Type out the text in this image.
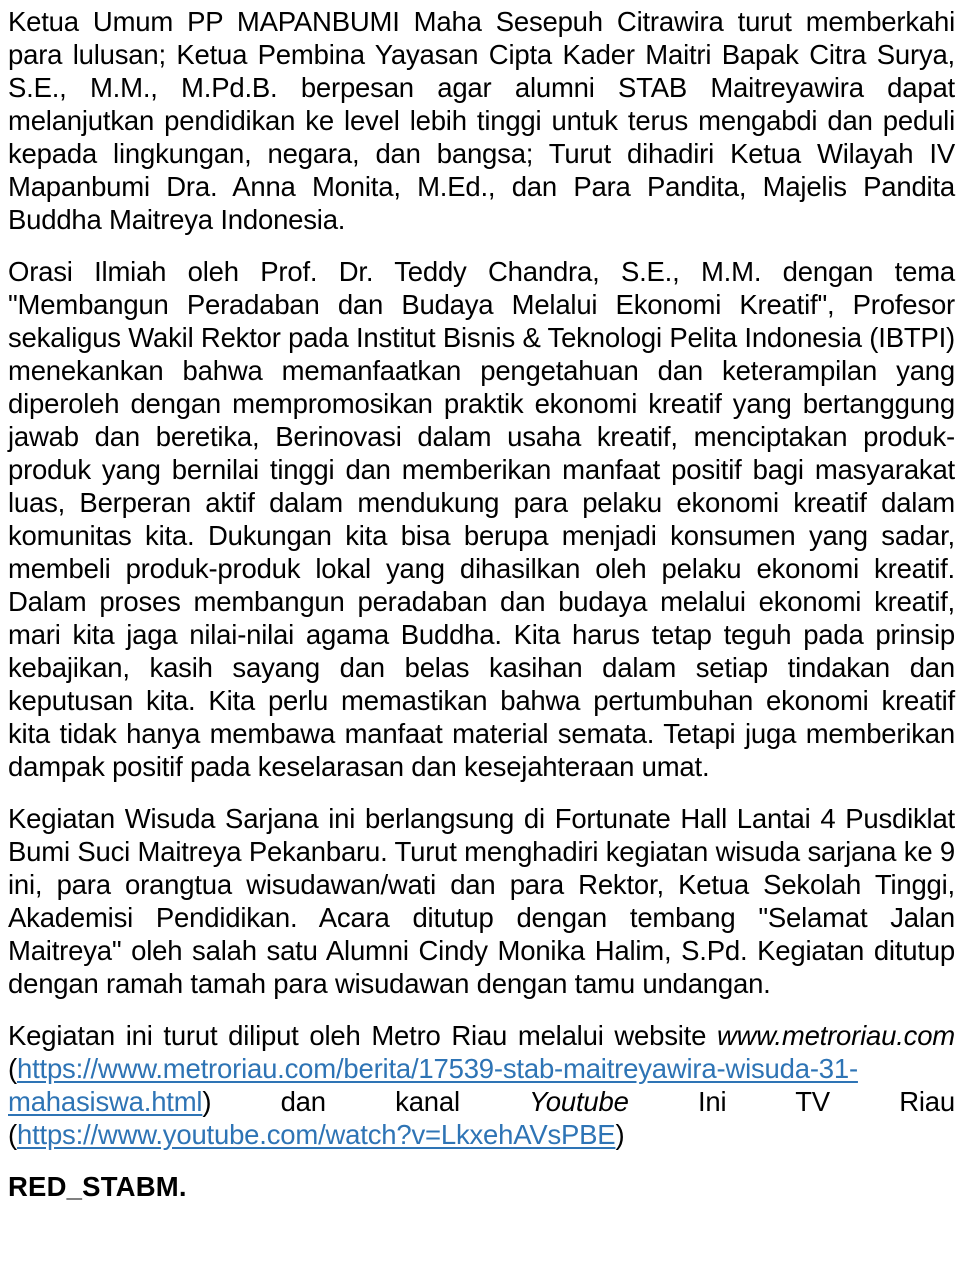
Ketua Umum PP MAPANBUMI Maha Sesepuh Citrawira turut memberkahi para lulusan; Ketua Pembina Yayasan Cipta Kader Maitri Bapak Citra Surya, S.E., M.M., M.Pd.B. berpesan agar alumni STAB Maitreyawira dapat melanjutkan pendidikan ke level lebih tinggi untuk terus mengabdi dan peduli kepada lingkungan, negara, dan bangsa; Turut dihadiri Ketua Wilayah IV Mapanbumi Dra. Anna Monita, M.Ed., dan Para Pandita, Majelis Pandita Buddha Maitreya Indonesia.

Orasi Ilmiah oleh Prof. Dr. Teddy Chandra, S.E., M.M. dengan tema "Membangun Peradaban dan Budaya Melalui Ekonomi Kreatif", Profesor sekaligus Wakil Rektor pada Institut Bisnis & Teknologi Pelita Indonesia (IBTPI) menekankan bahwa memanfaatkan pengetahuan dan keterampilan yang diperoleh dengan mempromosikan praktik ekonomi kreatif yang bertanggung jawab dan beretika, Berinovasi dalam usaha kreatif, menciptakan produk-produk yang bernilai tinggi dan memberikan manfaat positif bagi masyarakat luas, Berperan aktif dalam mendukung para pelaku ekonomi kreatif dalam komunitas kita. Dukungan kita bisa berupa menjadi konsumen yang sadar, membeli produk-produk lokal yang dihasilkan oleh pelaku ekonomi kreatif. Dalam proses membangun peradaban dan budaya melalui ekonomi kreatif, mari kita jaga nilai-nilai agama Buddha. Kita harus tetap teguh pada prinsip kebajikan, kasih sayang dan belas kasihan dalam setiap tindakan dan keputusan kita. Kita perlu memastikan bahwa pertumbuhan ekonomi kreatif kita tidak hanya membawa manfaat material semata. Tetapi juga memberikan dampak positif pada keselarasan dan kesejahteraan umat.

Kegiatan Wisuda Sarjana ini berlangsung di Fortunate Hall Lantai 4 Pusdiklat Bumi Suci Maitreya Pekanbaru. Turut menghadiri kegiatan wisuda sarjana ke 9 ini, para orangtua wisudawan/wati dan para Rektor, Ketua Sekolah Tinggi, Akademisi Pendidikan. Acara ditutup dengan tembang "Selamat Jalan Maitreya" oleh salah satu Alumni Cindy Monika Halim, S.Pd. Kegiatan ditutup dengan ramah tamah para wisudawan dengan tamu undangan.

Kegiatan ini turut diliput oleh Metro Riau melalui website www.metroriau.com (https://www.metroriau.com/berita/17539-stab-maitreyawira-wisuda-31-mahasiswa.html) dan kanal Youtube Ini TV Riau (https://www.youtube.com/watch?v=LkxehAVsPBE)

RED_STABM.
